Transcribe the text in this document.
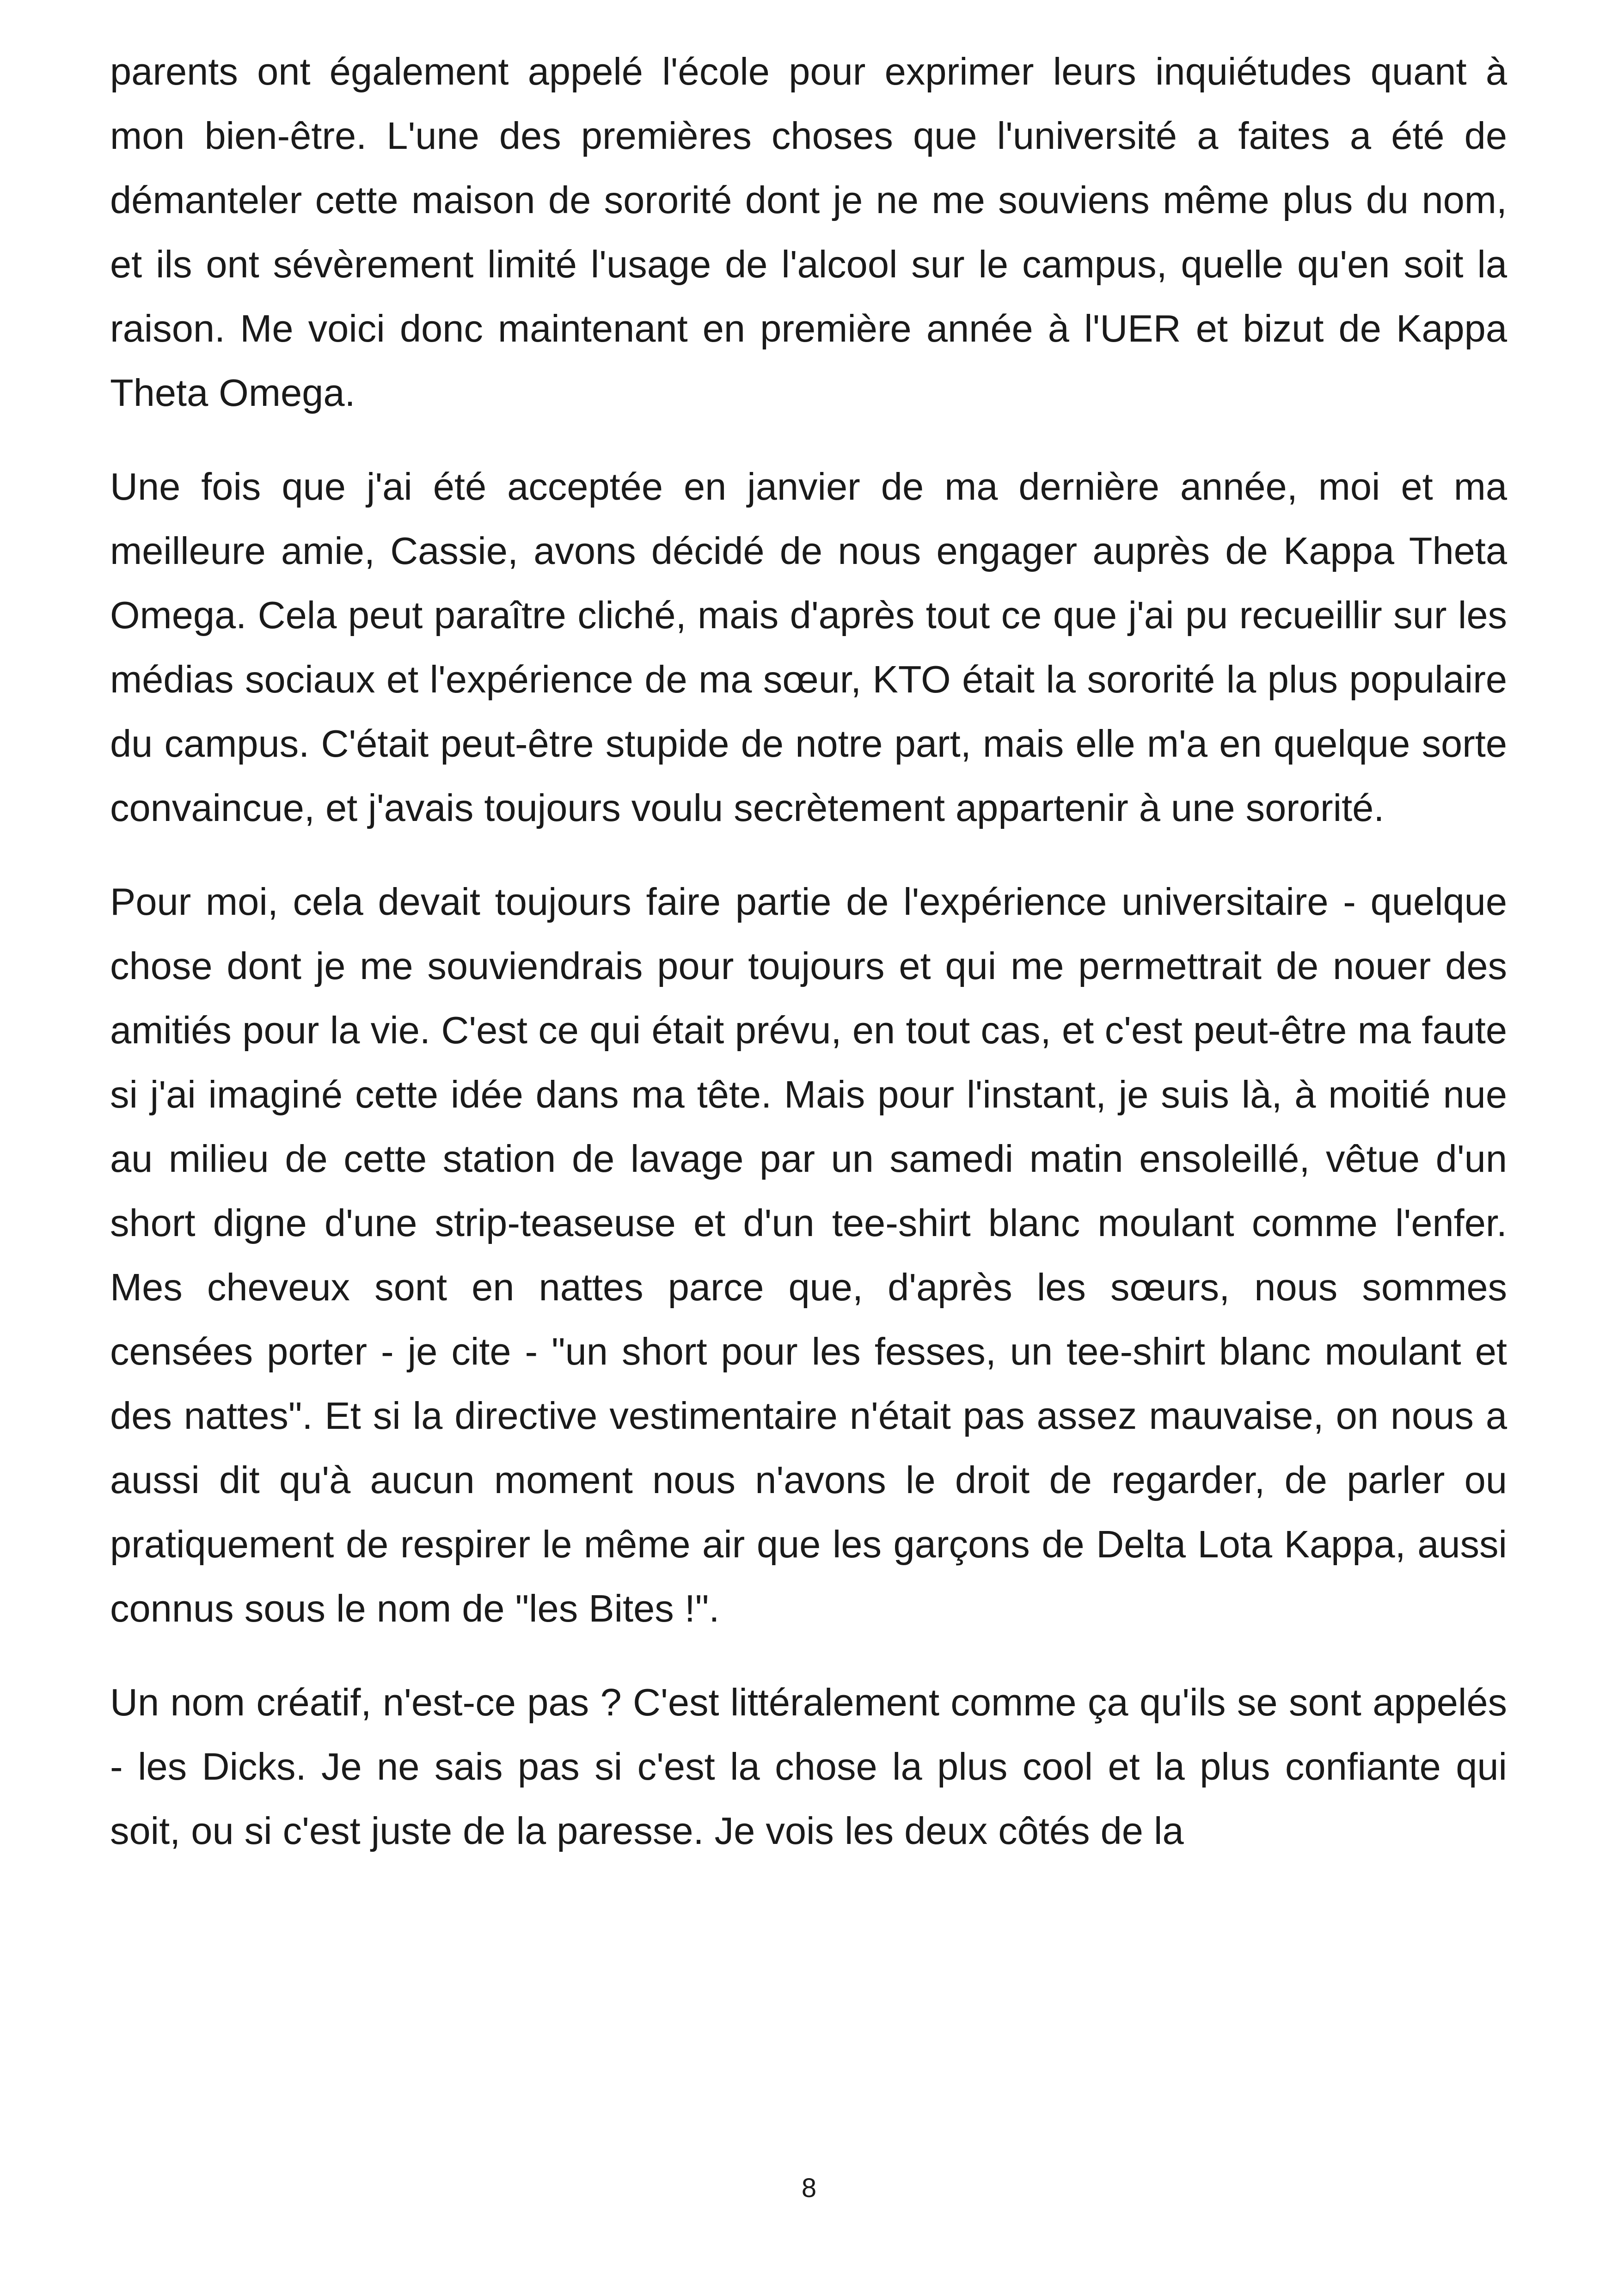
parents ont également appelé l'école pour exprimer leurs inquiétudes quant à mon bien-être. L'une des premières choses que l'université a faites a été de démanteler cette maison de sororité dont je ne me souviens même plus du nom, et ils ont sévèrement limité l'usage de l'alcool sur le campus, quelle qu'en soit la raison. Me voici donc maintenant en première année à l'UER et bizut de Kappa Theta Omega.

Une fois que j'ai été acceptée en janvier de ma dernière année, moi et ma meilleure amie, Cassie, avons décidé de nous engager auprès de Kappa Theta Omega. Cela peut paraître cliché, mais d'après tout ce que j'ai pu recueillir sur les médias sociaux et l'expérience de ma sœur, KTO était la sororité la plus populaire du campus. C'était peut-être stupide de notre part, mais elle m'a en quelque sorte convaincue, et j'avais toujours voulu secrètement appartenir à une sororité.

Pour moi, cela devait toujours faire partie de l'expérience universitaire - quelque chose dont je me souviendrais pour toujours et qui me permettrait de nouer des amitiés pour la vie. C'est ce qui était prévu, en tout cas, et c'est peut-être ma faute si j'ai imaginé cette idée dans ma tête. Mais pour l'instant, je suis là, à moitié nue au milieu de cette station de lavage par un samedi matin ensoleillé, vêtue d'un short digne d'une strip-teaseuse et d'un tee-shirt blanc moulant comme l'enfer. Mes cheveux sont en nattes parce que, d'après les sœurs, nous sommes censées porter - je cite - "un short pour les fesses, un tee-shirt blanc moulant et des nattes". Et si la directive vestimentaire n'était pas assez mauvaise, on nous a aussi dit qu'à aucun moment nous n'avons le droit de regarder, de parler ou pratiquement de respirer le même air que les garçons de Delta Lota Kappa, aussi connus sous le nom de "les Bites !".

Un nom créatif, n'est-ce pas ? C'est littéralement comme ça qu'ils se sont appelés - les Dicks. Je ne sais pas si c'est la chose la plus cool et la plus confiante qui soit, ou si c'est juste de la paresse. Je vois les deux côtés de la

8
